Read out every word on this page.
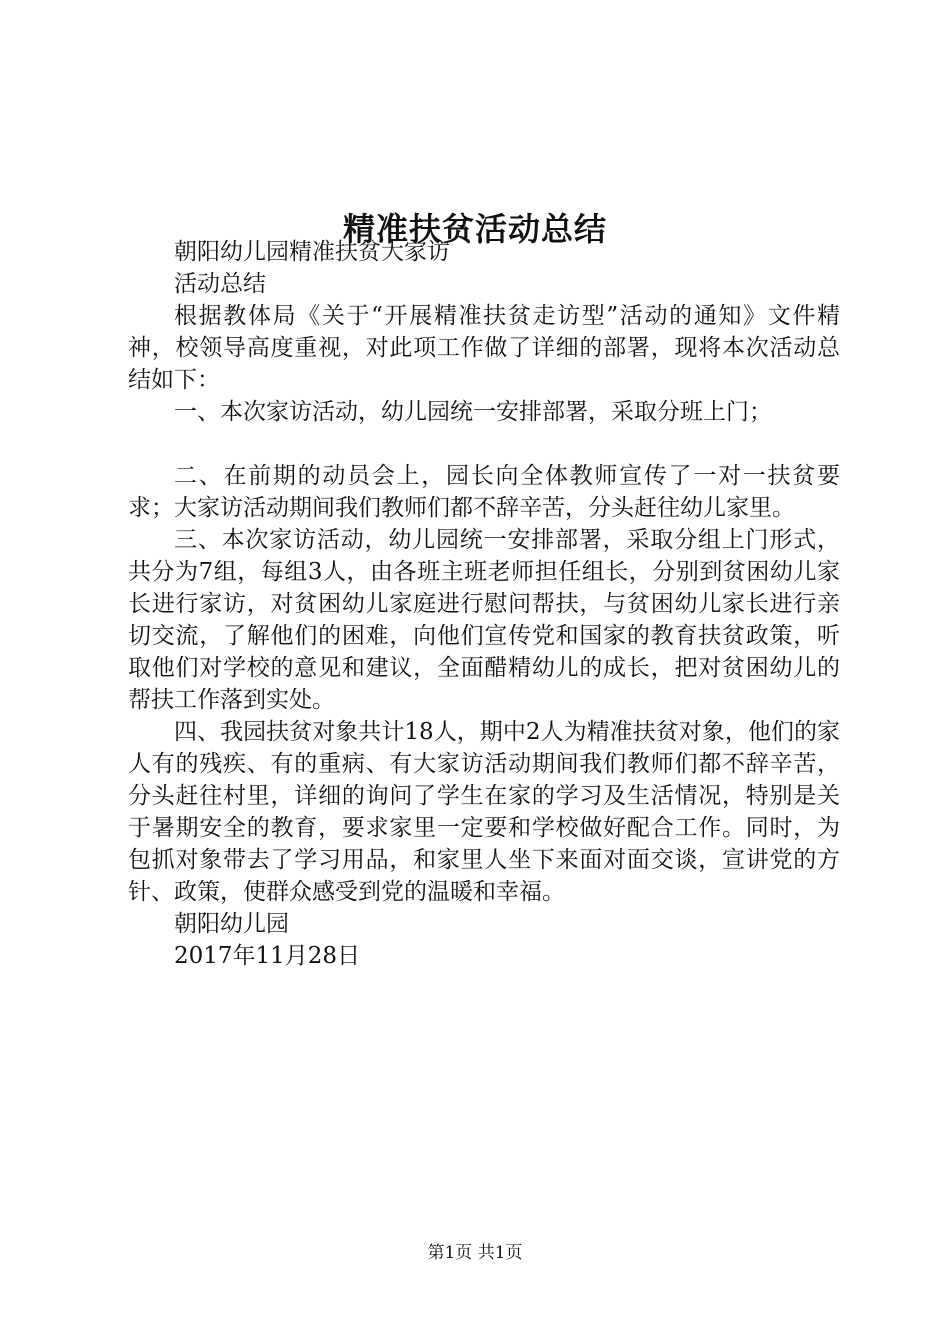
精准扶贫活动总结

朝阳幼儿园精准扶贫大家访

活动总结

根据教体局《关于“开展精准扶贫走访型”活动的通知》文件精神，校领导高度重视，对此项工作做了详细的部署，现将本次活动总结如下：

一、本次家访活动，幼儿园统一安排部署，采取分班上门；

二、在前期的动员会上，园长向全体教师宣传了一对一扶贫要求；大家访活动期间我们教师们都不辞辛苦，分头赶往幼儿家里。

三、本次家访活动，幼儿园统一安排部署，采取分组上门形式，共分为7组，每组3人，由各班主班老师担任组长，分别到贫困幼儿家长进行家访，对贫困幼儿家庭进行慰问帮扶，与贫困幼儿家长进行亲切交流，了解他们的困难，向他们宣传党和国家的教育扶贫政策，听取他们对学校的意见和建议，全面醋精幼儿的成长，把对贫困幼儿的帮扶工作落到实处。

四、我园扶贫对象共计18人，期中2人为精准扶贫对象，他们的家人有的残疾、有的重病、有大家访活动期间我们教师们都不辞辛苦，分头赶往村里，详细的询问了学生在家的学习及生活情况，特别是关于暑期安全的教育，要求家里一定要和学校做好配合工作。同时，为包抓对象带去了学习用品，和家里人坐下来面对面交谈，宣讲党的方针、政策，使群众感受到党的温暖和幸福。

朝阳幼儿园

2017年11月28日

第1页 共1页
